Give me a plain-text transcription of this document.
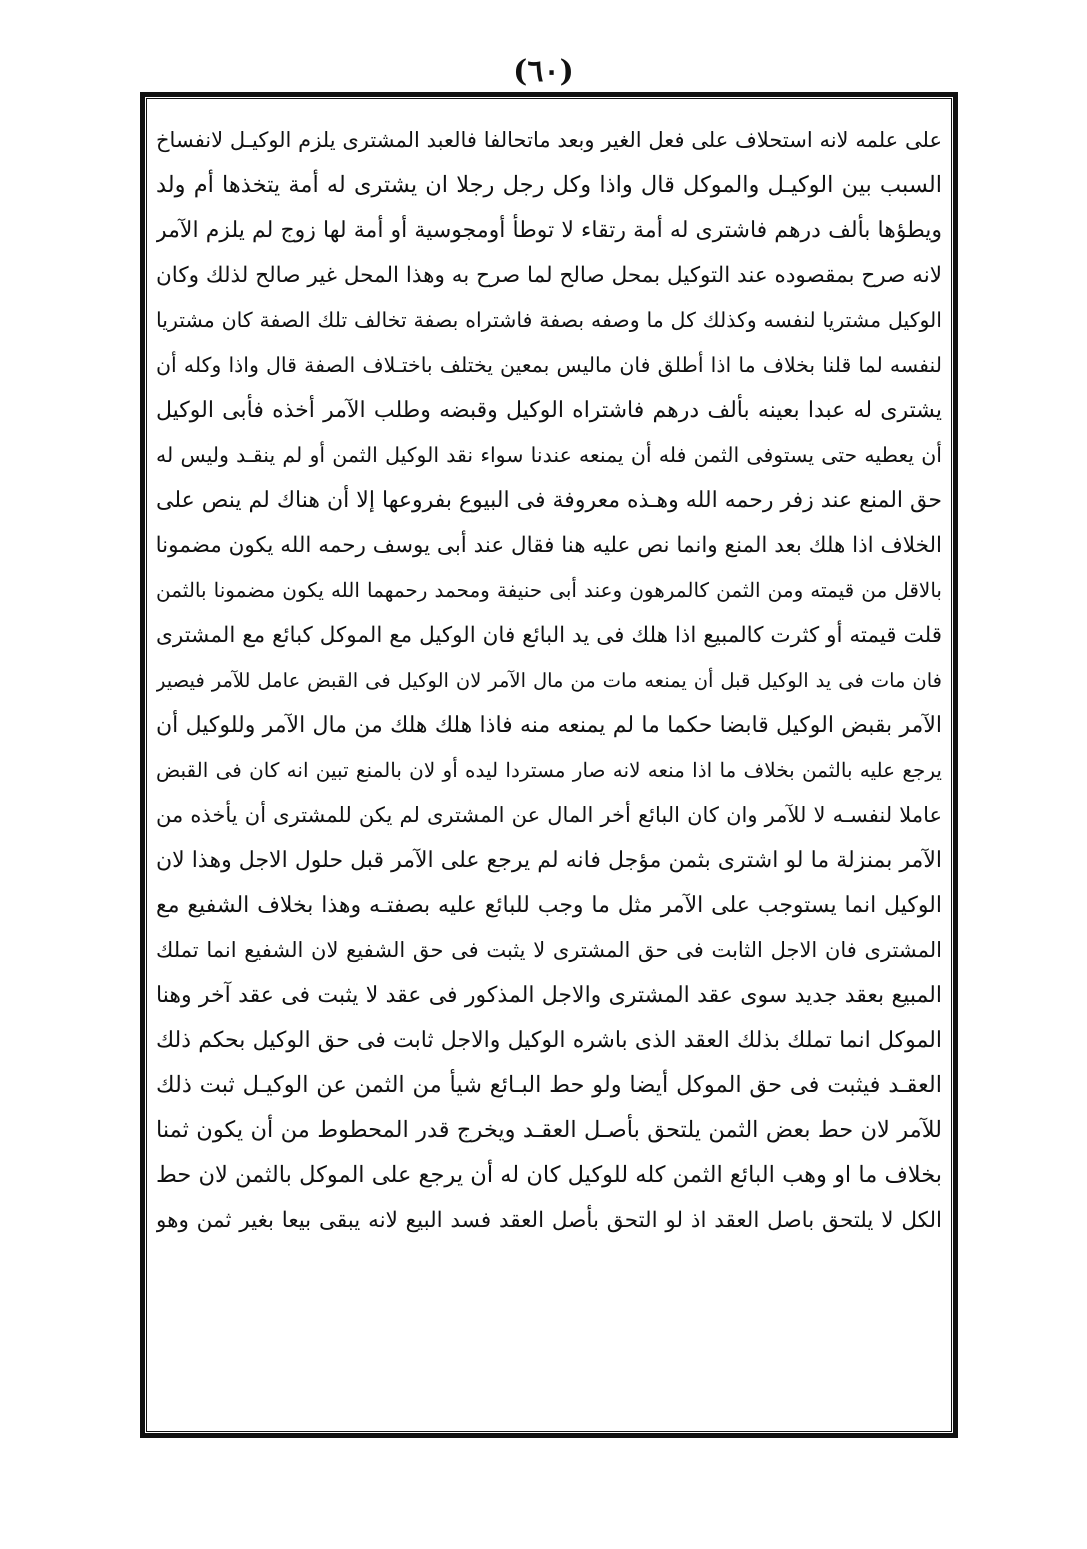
(٦٠)
على علمه لانه استحلاف على فعل الغير وبعد ماتحالفا فالعبد المشترى يلزم الوكيـل لانفساخ
السبب بين الوكيـل والموكل قال واذا وكل رجل رجلا ان يشترى له أمة يتخذها أم ولد
ويطؤها بألف درهم فاشترى له أمة رتقاء لا توطأ أومجوسية أو أمة لها زوج لم يلزم الآمر
لانه صرح بمقصوده عند التوكيل بمحل صالح لما صرح به وهذا المحل غير صالح لذلك وكان
الوكيل مشتريا لنفسه وكذلك كل ما وصفه بصفة فاشتراه بصفة تخالف تلك الصفة كان مشتريا
لنفسه لما قلنا بخلاف ما اذا أطلق فان ماليس بمعين يختلف باختـلاف الصفة قال واذا وكله أن
يشترى له عبدا بعينه بألف درهم فاشتراه الوكيل وقبضه وطلب الآمر أخذه فأبى الوكيل
أن يعطيه حتى يستوفى الثمن فله أن يمنعه عندنا سواء نقد الوكيل الثمن أو لم ينقـد وليس له
حق المنع عند زفر رحمه الله وهـذه معروفة فى البيوع بفروعها إلا أن هناك لم ينص على
الخلاف اذا هلك بعد المنع وانما نص عليه هنا فقال عند أبى يوسف رحمه الله يكون مضمونا
بالاقل من قيمته ومن الثمن كالمرهون وعند أبى حنيفة ومحمد رحمهما الله يكون مضمونا بالثمن
قلت قيمته أو كثرت كالمبيع اذا هلك فى يد البائع فان الوكيل مع الموكل كبائع مع المشترى
فان مات فى يد الوكيل قبل أن يمنعه مات من مال الآمر لان الوكيل فى القبض عامل للآمر فيصير
الآمر بقبض الوكيل قابضا حكما ما لم يمنعه منه فاذا هلك هلك من مال الآمر وللوكيل أن
يرجع عليه بالثمن بخلاف ما اذا منعه لانه صار مستردا ليده أو لان بالمنع تبين انه كان فى القبض
عاملا لنفسـه لا للآمر وان كان البائع أخر المال عن المشترى لم يكن للمشترى أن يأخذه من
الآمر بمنزلة ما لو اشترى بثمن مؤجل فانه لم يرجع على الآمر قبل حلول الاجل وهذا لان
الوكيل انما يستوجب على الآمر مثل ما وجب للبائع عليه بصفتـه وهذا بخلاف الشفيع مع
المشترى فان الاجل الثابت فى حق المشترى لا يثبت فى حق الشفيع لان الشفيع انما تملك
المبيع بعقد جديد سوى عقد المشترى والاجل المذكور فى عقد لا يثبت فى عقد آخر وهنا
الموكل انما تملك بذلك العقد الذى باشره الوكيل والاجل ثابت فى حق الوكيل بحكم ذلك
العقـد فيثبت فى حق الموكل أيضا ولو حط البـائع شيأ من الثمن عن الوكيـل ثبت ذلك
للآمر لان حط بعض الثمن يلتحق بأصـل العقـد ويخرج قدر المحطوط من أن يكون ثمنا
بخلاف ما او وهب البائع الثمن كله للوكيل كان له أن يرجع على الموكل بالثمن لان حط
الكل لا يلتحق باصل العقد اذ لو التحق بأصل العقد فسد البيع لانه يبقى بيعا بغير ثمن وهو
